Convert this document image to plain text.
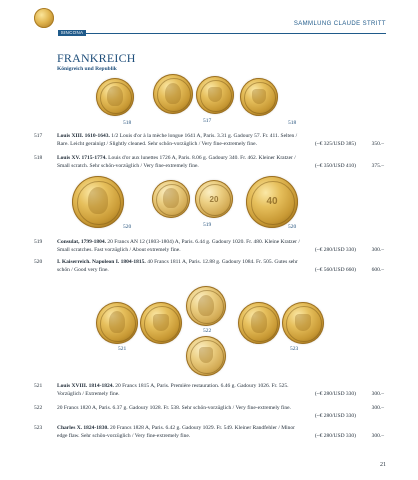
SINCONA
SAMMLUNG CLAUDE STRITT
FRANKREICH
Königreich und Republik
518	517	518
517	Louis XIII. 1610-1643. 1/2 Louis d'or à la mèche longue 1641 A, Paris. 3.31 g. Gadoury 57. Fr. 411. Selten /
Rare. Leicht gerainigt / Slightly cleaned. Sehr schön-vorzüglich / Very fine-extremely fine.	(~€ 325/USD 385)	350.–
518	Louis XV. 1715-1774. Louis d'or aux lunettes 1726 A, Paris. 8.06 g. Gadoury 340. Fr. 462. Kleiner Kratzer /
Small scratch. Sehr schön-vorzüglich / Very fine-extremely fine.	(~€ 350/USD 410)	375.–
520
20
519
40
520
519	Consulat, 1799-1804. 20 Francs AN 12 (1803-1804) A, Paris. 6.44 g. Gadoury 1020. Fr. 480. Kleine Kratzer /
Small scratches. Fast vorzüglich / About extremely fine.	(~€ 280/USD 330)	300.–
520	I. Kaiserreich. Napoleon I. 1804-1815. 40 Francs 1811 A, Paris. 12.88 g. Gadoury 1084. Fr. 505. Gutes sehr
schön / Good very fine.	(~€ 560/USD 660)	600.–
521
522
523
521	Louis XVIII. 1814-1824. 20 Francs 1815 A, Paris. Première restauration. 6.46 g. Gadoury 1026. Fr. 525.
Vorzüglich / Extremely fine.	(~€ 280/USD 330)	300.–
522	20 Francs 1820 A, Paris. 6.37 g. Gadoury 1028. Fr. 538. Sehr schön-vorzüglich / Very fine-extremely fine.	300.–
(~€ 280/USD 330)
523	Charles X. 1824-1830. 20 Francs 1828 A, Paris. 6.42 g. Gadoury 1029. Fr. 549. Kleiner Randfehler / Minor
edge flaw. Sehr schön-vorzüglich / Very fine-extremely fine.	(~€ 280/USD 330)	300.–
21
